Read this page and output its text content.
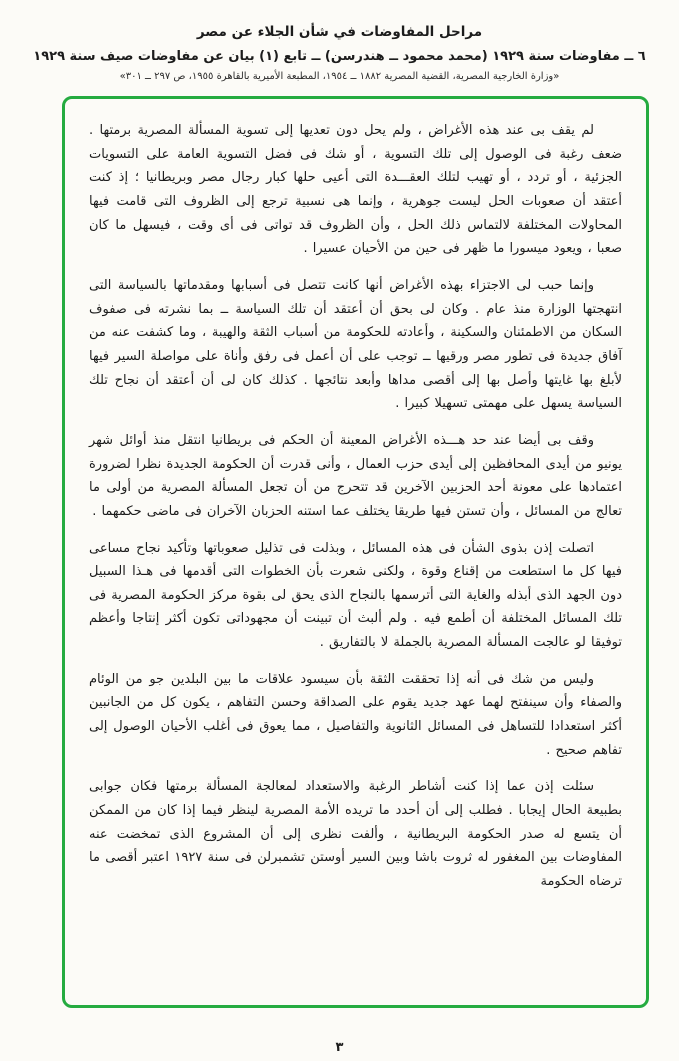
مراحل المفاوضات في شأن الجلاء عن مصر
٦ ــ مفاوضات سنة ١٩٢٩ (محمد محمود ــ هندرسن) ــ تابع (١) بيان عن مفاوضات صيف سنة ١٩٢٩
«وزارة الخارجية المصرية، القضية المصرية ١٨٨٢ ــ ١٩٥٤، المطبعة الأميرية بالقاهرة ١٩٥٥، ص ٢٩٧ ــ ٣٠١»

لم يقف بى عند هذه الأغراض ، ولم يحل دون تعديها إلى تسوية المسألة المصرية برمتها . ضعف رغبة فى الوصول إلى تلك التسوية ، أو شك فى فضل التسوية العامة على التسويات الجزئية ، أو تردد ، أو تهيب لتلك العقـــدة التى أعيى حلها كبار رجال مصر وبريطانيا ؛ إذ كنت أعتقد أن صعوبات الحل ليست جوهرية ، وإنما هى نسبية ترجع إلى الظروف التى قامت فيها المحاولات المختلفة لالتماس ذلك الحل ، وأن الظروف قد تواتى فى أى وقت ، فيسهل ما كان صعبا ، ويعود ميسورا ما ظهر فى حين من الأحيان عسيرا .

وإنما حبب لى الاجتزاء بهذه الأغراض أنها كانت تتصل فى أسبابها ومقدماتها بالسياسة التى انتهجتها الوزارة منذ عام . وكان لى بحق أن أعتقد أن تلك السياسة ــ بما نشرته فى صفوف السكان من الاطمئنان والسكينة ، وأعادته للحكومة من أسباب الثقة والهيبة ، وما كشفت عنه من آفاق جديدة فى تطور مصر ورقيها ــ توجب على أن أعمل فى رفق وأناة على مواصلة السير فيها لأبلغ بها غايتها وأصل بها إلى أقصى مداها وأبعد نتائجها . كذلك كان لى أن أعتقد أن نجاح تلك السياسة يسهل على مهمتى تسهيلا كبيرا .

وقف بى أيضا عند حد هـــذه الأغراض المعينة أن الحكم فى بريطانيا انتقل منذ أوائل شهر يونيو من أيدى المحافظين إلى أيدى حزب العمال ، وأنى قدرت أن الحكومة الجديدة نظرا لضرورة اعتمادها على معونة أحد الحزبين الآخرين قد تتحرج من أن تجعل المسألة المصرية من أولى ما تعالج من المسائل ، وأن تستن فيها طريقا يختلف عما استنه الحزبان الآخران فى ماضى حكمهما .

اتصلت إذن بذوى الشأن فى هذه المسائل ، وبذلت فى تذليل صعوباتها وتأكيد نجاح مساعى فيها كل ما استطعت من إقناع وقوة ، ولكنى شعرت بأن الخطوات التى أقدمها فى هـذا السبيل دون الجهد الذى أبذله والغاية التى أترسمها بالنجاح الذى يحق لى بقوة مركز الحكومة المصرية فى تلك المسائل المختلفة أن أطمع فيه . ولم ألبث أن تبينت أن مجهوداتى تكون أكثر إنتاجا وأعظم توفيقا لو عالجت المسألة المصرية بالجملة لا بالتفاريق .

وليس من شك فى أنه إذا تحققت الثقة بأن سيسود علاقات ما بين البلدين جو من الوئام والصفاء وأن سينفتح لهما عهد جديد يقوم على الصداقة وحسن التفاهم ، يكون كل من الجانبين أكثر استعدادا للتساهل فى المسائل الثانوية والتفاصيل ، مما يعوق فى أغلب الأحيان الوصول إلى تفاهم صحيح .

سئلت إذن عما إذا كنت أشاطر الرغبة والاستعداد لمعالجة المسألة برمتها فكان جوابى بطبيعة الحال إيجابا . فطلب إلى أن أحدد ما تريده الأمة المصرية لينظر فيما إذا كان من الممكن أن يتسع له صدر الحكومة البريطانية ، وألفت نظرى إلى أن المشروع الذى تمخضت عنه المفاوضات بين المغفور له ثروت باشا وبين السير أوستن تشمبرلن فى سنة ١٩٢٧ اعتبر أقصى ما ترضاه الحكومة

٣
